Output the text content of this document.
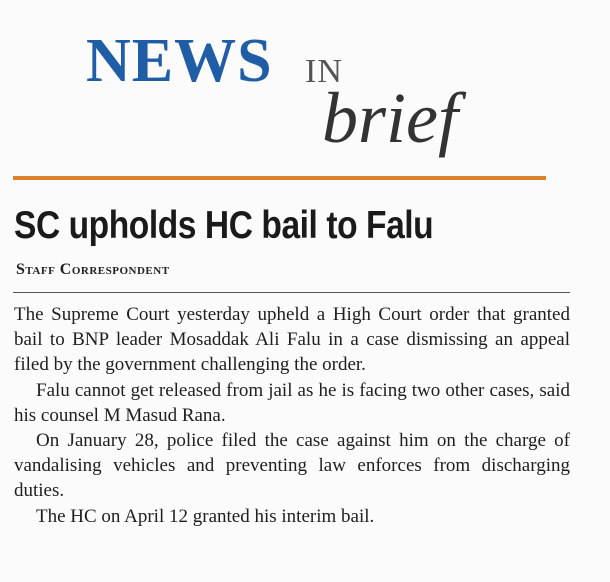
NEWS IN
brief
SC upholds HC bail to Falu
Staff Correspondent

The Supreme Court yesterday upheld a High Court order that granted bail to BNP leader Mosaddak Ali Falu in a case dismissing an appeal filed by the government challenging the order.

Falu cannot get released from jail as he is facing two other cases, said his counsel M Masud Rana.

On January 28, police filed the case against him on the charge of vandalising vehicles and preventing law enforces from discharging duties.

The HC on April 12 granted his interim bail.
